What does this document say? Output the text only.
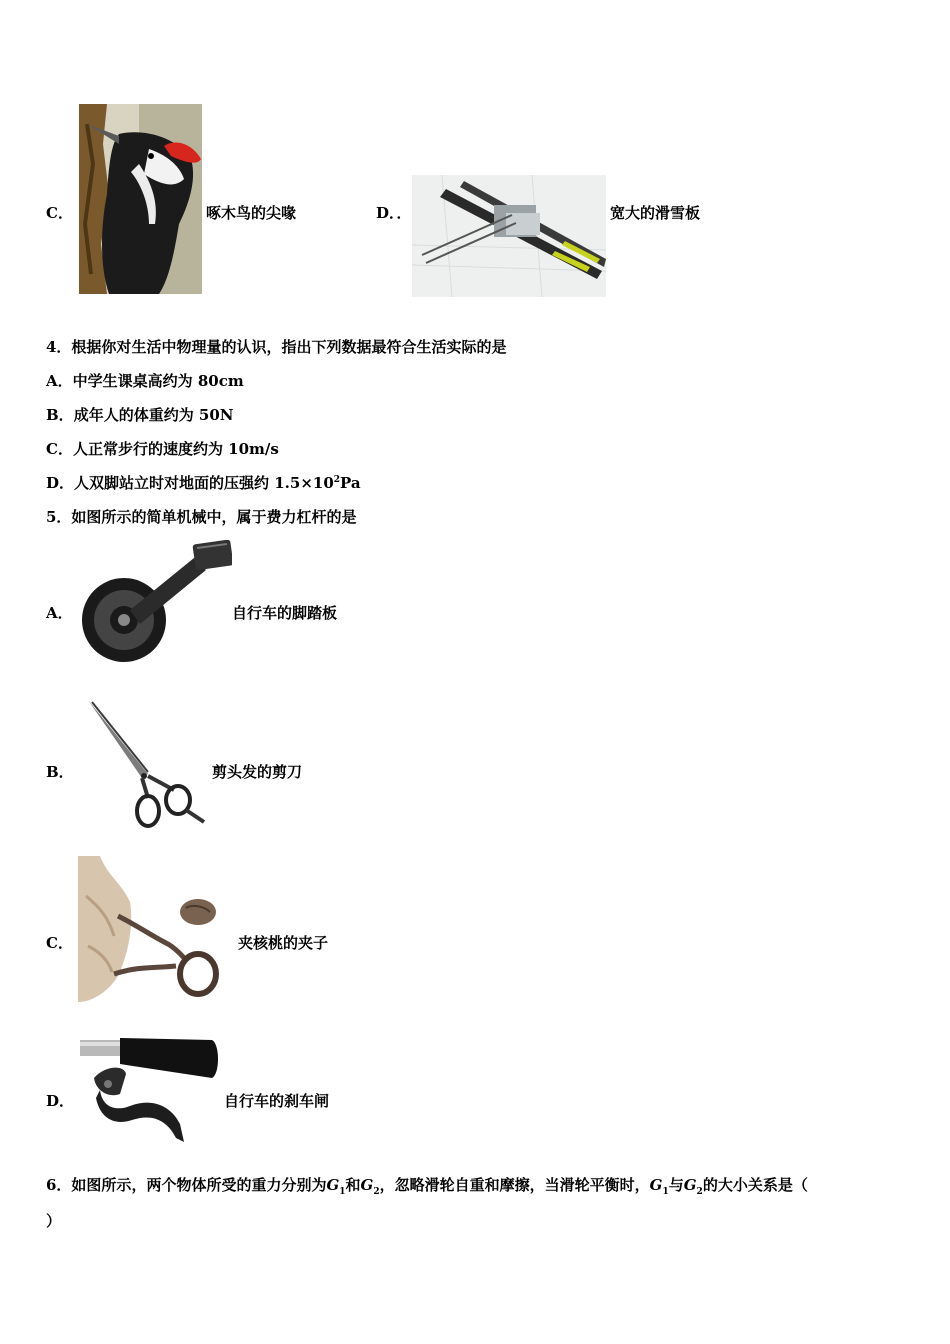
C．	啄木鸟的尖喙	D．．	宽大的滑雪板
4．根据你对生活中物理量的认识，指出下列数据最符合生活实际的是
A．中学生课桌高约为 80cm
B．成年人的体重约为 50N
C．人正常步行的速度约为 10m/s
D．人双脚站立时对地面的压强约 $1.5\times 10^2Pa$
5．如图所示的简单机械中，属于费力杠杆的是
A．	自行车的脚踏板
B．	剪头发的剪刀
C．	夹核桃的夹子
D．	自行车的刹车闸
6．如图所示，两个物体所受的重力分别为$G_1$和$G_2$，忽略滑轮自重和摩擦，当滑轮平衡时，$G_1$与$G_2$的大小关系是（
）
